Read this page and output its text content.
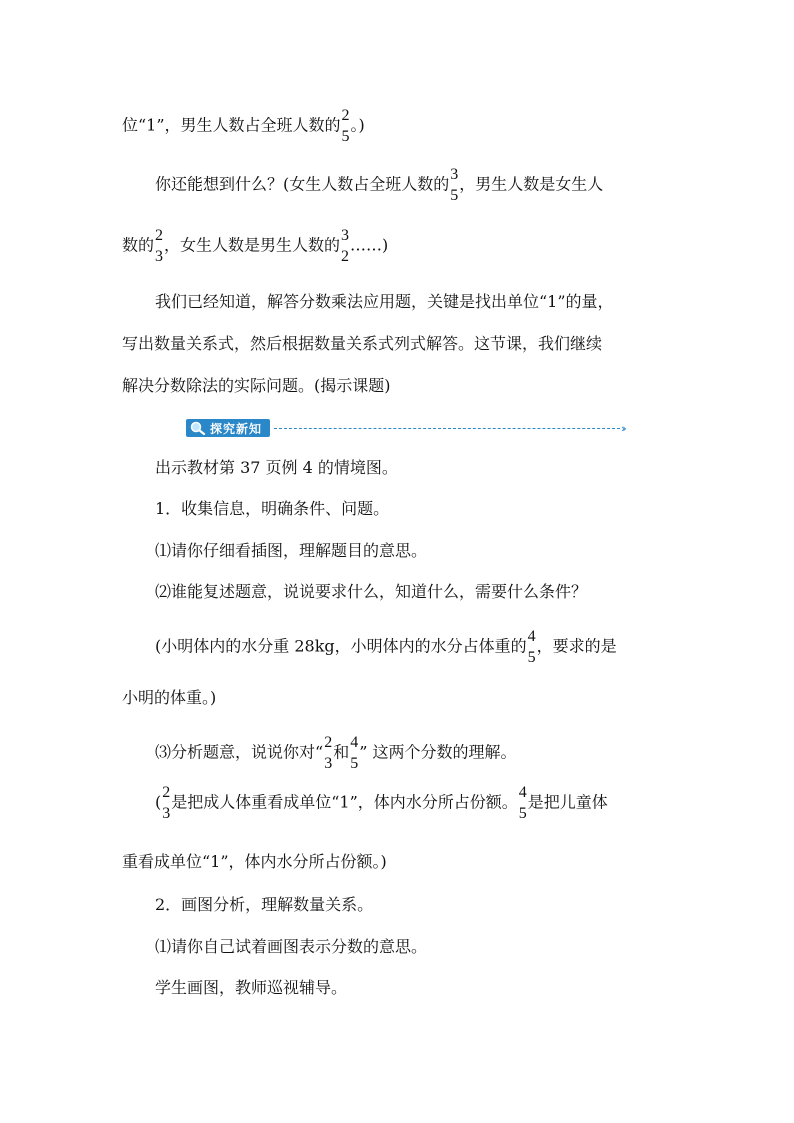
位“1”，男生人数占全班人数的 2
5
。)
你还能想到什么？(女生人数占全班人数的 3
5
，男生人数是女生人
数的 2
3
，女生人数是男生人数的 3
2
……)
我们已经知道，解答分数乘法应用题，关键是找出单位“1”的量，
写出数量关系式，然后根据数量关系式列式解答。这节课，我们继续
解决分数除法的实际问题。(揭示课题)
探究新知	››
出示教材第 37 页例 4 的情境图。
1．收集信息，明确条件、问题。
⑴请你仔细看插图，理解题目的意思。
⑵谁能复述题意，说说要求什么，知道什么，需要什么条件？
(小明体内的水分重 28kg，小明体内的水分占体重的 4
5
，要求的是
小明的体重。)
⑶分析题意，说说你对“ 2
3
和 4
5
” 这两个分数的理解。
( 2
3
是把成人体重看成单位“1”，体内水分所占份额。 4
5
是把儿童体
重看成单位“1”，体内水分所占份额。)
2．画图分析，理解数量关系。
⑴请你自己试着画图表示分数的意思。
学生画图，教师巡视辅导。
